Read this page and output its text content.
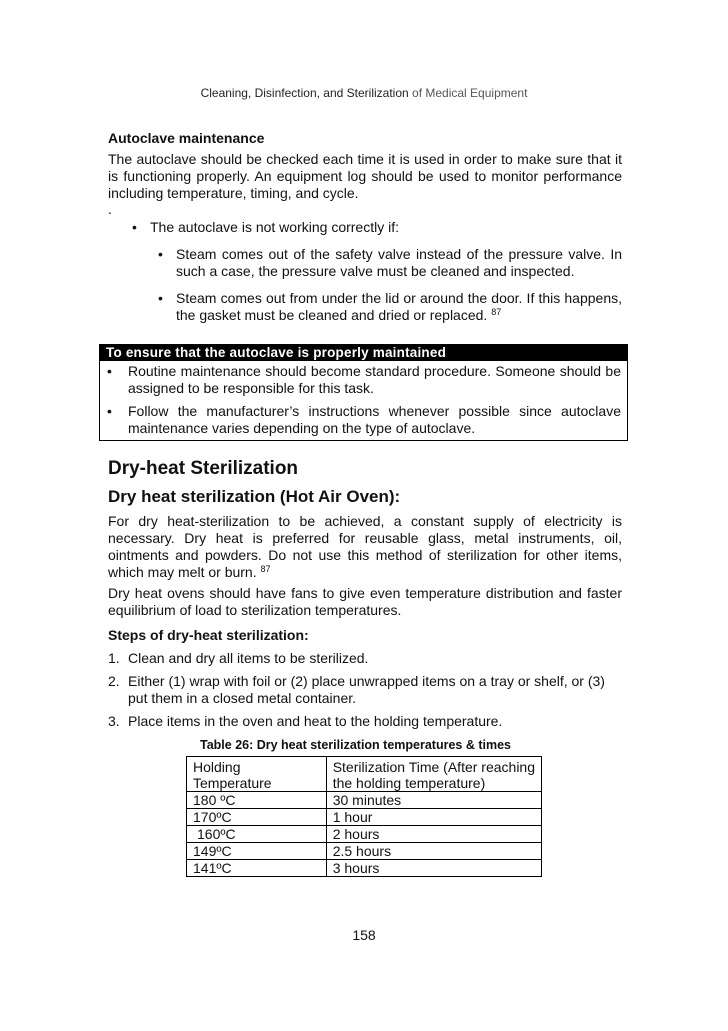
Cleaning, Disinfection, and Sterilization of Medical Equipment
Autoclave maintenance
The autoclave should be checked each time it is used in order to make sure that it is functioning properly. An equipment log should be used to monitor performance including temperature, timing, and cycle.
.
• The autoclave is not working correctly if:
• Steam comes out of the safety valve instead of the pressure valve. In such a case, the pressure valve must be cleaned and inspected.
• Steam comes out from under the lid or around the door. If this happens, the gasket must be cleaned and dried or replaced. $^{87}$
To ensure that the autoclave is properly maintained
• Routine maintenance should become standard procedure. Someone should be assigned to be responsible for this task.
• Follow the manufacturer’s instructions whenever possible since autoclave maintenance varies depending on the type of autoclave.
Dry-heat Sterilization
Dry heat sterilization (Hot Air Oven):
For dry heat-sterilization to be achieved, a constant supply of electricity is necessary. Dry heat is preferred for reusable glass, metal instruments, oil, ointments and powders. Do not use this method of sterilization for other items, which may melt or burn. $^{87}$
Dry heat ovens should have fans to give even temperature distribution and faster equilibrium of load to sterilization temperatures.
Steps of dry-heat sterilization:
1. Clean and dry all items to be sterilized.
2. Either (1) wrap with foil or (2) place unwrapped items on a tray or shelf, or (3) put them in a closed metal container.
3. Place items in the oven and heat to the holding temperature.
Table 26: Dry heat sterilization temperatures & times
Holding Temperature	Sterilization Time (After reaching the holding temperature)
180 ºC	30 minutes
170ºC	1 hour
160ºC	2 hours
149ºC	2.5 hours
141ºC	3 hours
158
